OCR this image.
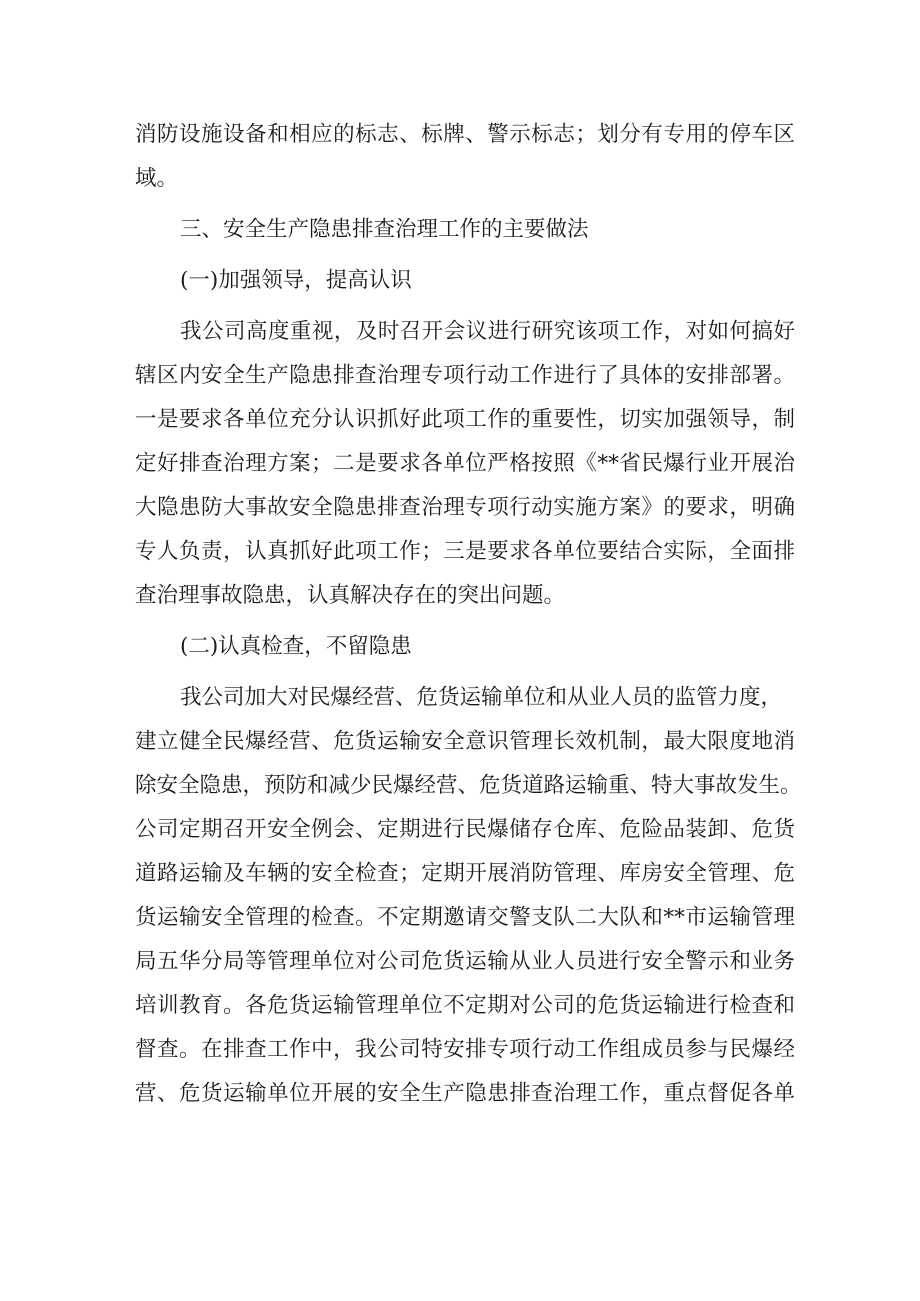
消防设施设备和相应的标志、标牌、警示标志；划分有专用的停车区

域。

三、安全生产隐患排查治理工作的主要做法

(一)加强领导，提高认识

我公司高度重视，及时召开会议进行研究该项工作，对如何搞好

辖区内安全生产隐患排查治理专项行动工作进行了具体的安排部署。

一是要求各单位充分认识抓好此项工作的重要性，切实加强领导，制

定好排查治理方案；二是要求各单位严格按照《**省民爆行业开展治

大隐患防大事故安全隐患排查治理专项行动实施方案》的要求，明确

专人负责，认真抓好此项工作；三是要求各单位要结合实际，全面排

查治理事故隐患，认真解决存在的突出问题。

(二)认真检查，不留隐患

我公司加大对民爆经营、危货运输单位和从业人员的监管力度，

建立健全民爆经营、危货运输安全意识管理长效机制，最大限度地消

除安全隐患，预防和减少民爆经营、危货道路运输重、特大事故发生。

公司定期召开安全例会、定期进行民爆储存仓库、危险品装卸、危货

道路运输及车辆的安全检查；定期开展消防管理、库房安全管理、危

货运输安全管理的检查。不定期邀请交警支队二大队和**市运输管理

局五华分局等管理单位对公司危货运输从业人员进行安全警示和业务

培训教育。各危货运输管理单位不定期对公司的危货运输进行检查和

督查。在排查工作中，我公司特安排专项行动工作组成员参与民爆经

营、危货运输单位开展的安全生产隐患排查治理工作，重点督促各单
